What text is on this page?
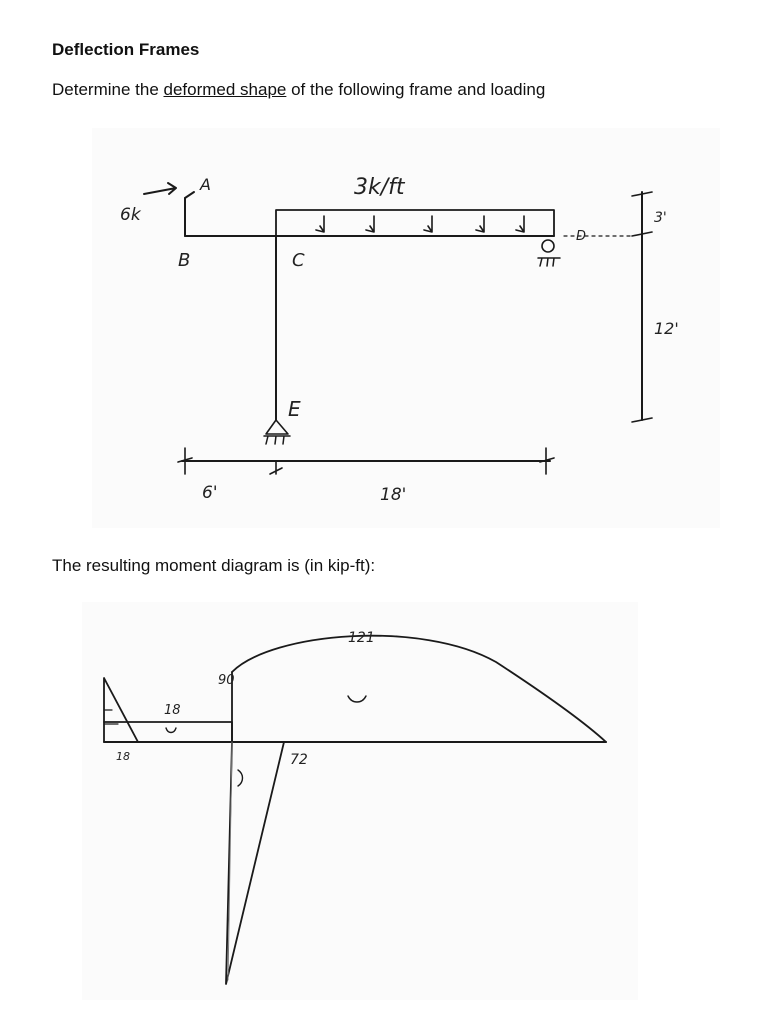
Deflection Frames

Determine the deformed shape of the following frame and loading

3k/ft
6k
A
B	C
D
E
6'	18'
3'
12'

The resulting moment diagram is (in kip-ft):

121
90
18
18	72
